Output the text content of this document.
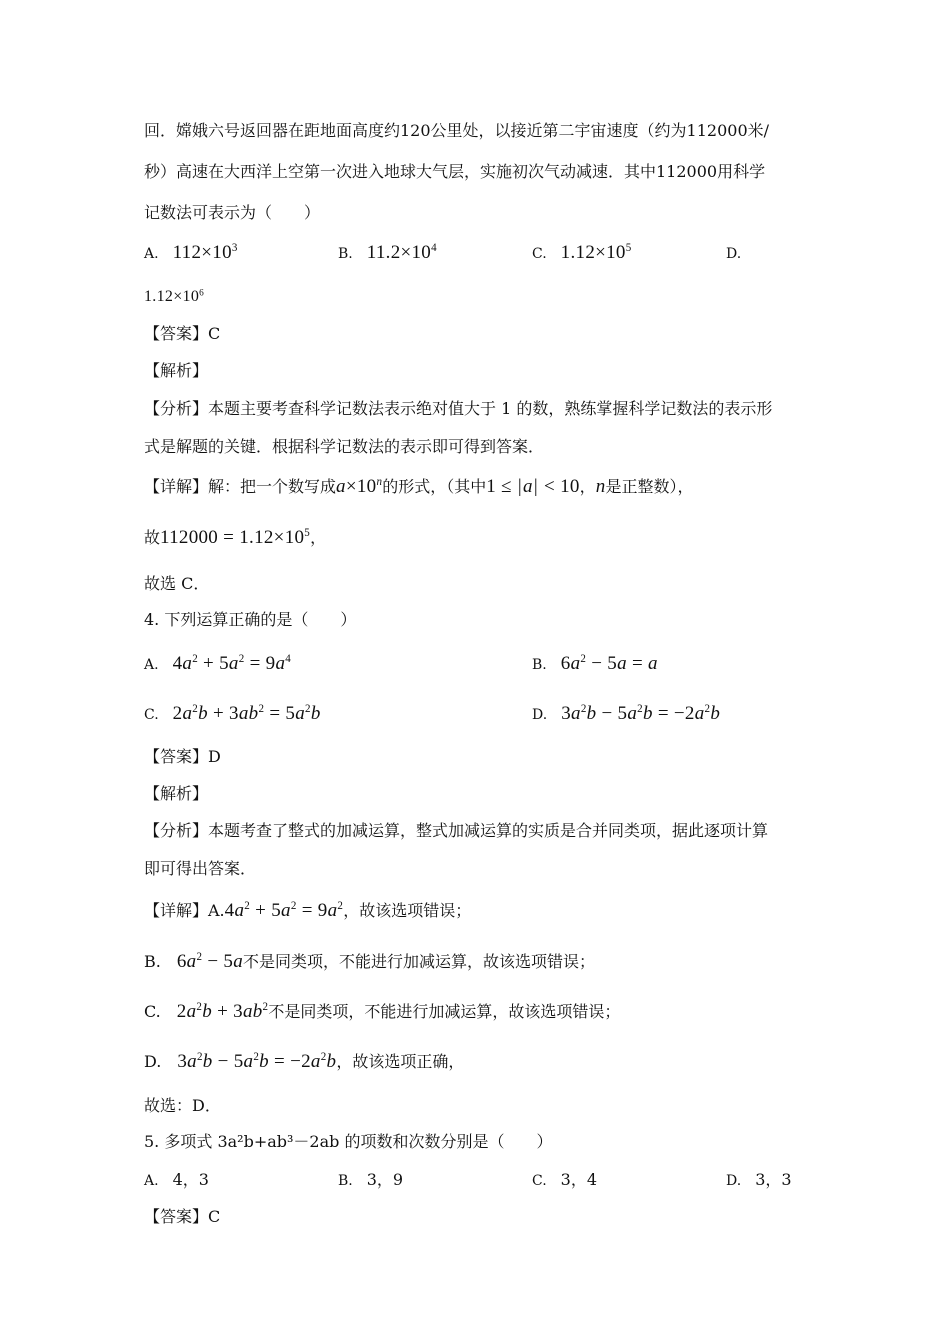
回．嫦娥六号返回器在距地面高度约120公里处，以接近第二宇宙速度（约为112000米/
秒）高速在大西洋上空第一次进入地球大气层，实施初次气动减速．其中112000用科学
记数法可表示为（　　）
A. $112\times 10^3$	B. $11.2\times 10^4$	C. $1.12\times 10^5$	D.
$1.12\times 10^6$
【答案】C
【解析】
【分析】本题主要考查科学记数法表示绝对值大于 1 的数，熟练掌握科学记数法的表示形
式是解题的关键．根据科学记数法的表示即可得到答案．
【详解】解：把一个数写成$a\times 10^n$的形式，（其中1 ≤ |a| < 10，n是正整数），
故$112000 = 1.12\times 10^5$，
故选 C．
4. 下列运算正确的是（　　）
A. $4a^2 + 5a^2 = 9a^4$	B. $6a^2 - 5a = a$
C. $2a^2b + 3ab^2 = 5a^2b$	D. $3a^2b - 5a^2b = -2a^2b$
【答案】D
【解析】
【分析】本题考查了整式的加减运算，整式加减运算的实质是合并同类项，据此逐项计算
即可得出答案．
【详解】$A.4a^2 + 5a^2 = 9a^2$，故该选项错误；
B. $6a^2 - 5a$不是同类项，不能进行加减运算，故该选项错误；
C. $2a^2b + 3ab^2$不是同类项，不能进行加减运算，故该选项错误；
D. $3a^2b - 5a^2b = -2a^2b$，故该选项正确，
故选：D．
5. 多项式 3a²b+ab³－2ab 的项数和次数分别是（　　）
A. 4，3	B. 3，9	C. 3，4	D. 3，3
【答案】C
